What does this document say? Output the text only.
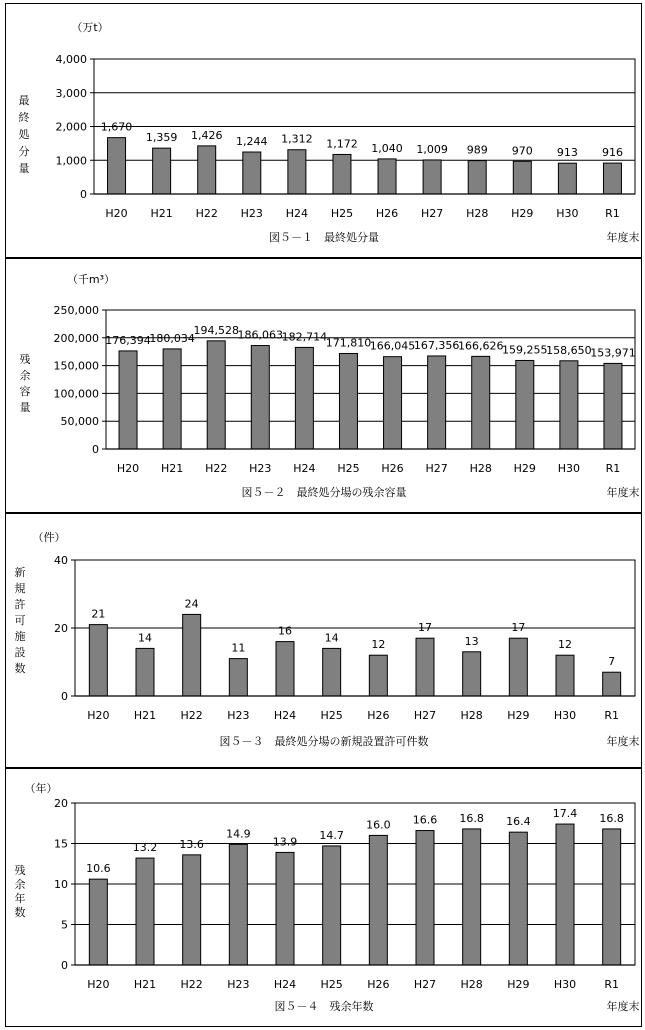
0
1,000
2,000
3,000
4,000
1,670
H20
1,359
H21
1,426
H22
1,244
H23
1,312
H24
1,172
H25
1,040
H26
1,009
H27
989
H28
970
H29
913
H30
916
R1
（万t）
最終処分量
図５－１　最終処分量	年度末
0
50,000
100,000
150,000
200,000
250,000
176,394
H20
180,034
H21
194,528
H22
186,063
H23
182,714
H24
171,810
H25
166,045
H26
167,356
H27
166,626
H28
159,255
H29
158,650
H30
153,971
R1
（千m³）
残余容量
図５－２　最終処分場の残余容量	年度末
0
20
40
21
H20
14
H21
24
H22
11
H23
16
H24
14
H25
12
H26
17
H27
13
H28
17
H29
12
H30
7
R1
（件）
新規許可施設数
図５－３　最終処分場の新規設置許可件数	年度末
0
5
10
15
20
10.6
H20
13.2
H21
13.6
H22
14.9
H23
13.9
H24
14.7
H25
16.0
H26
16.6
H27
16.8
H28
16.4
H29
17.4
H30
16.8
R1
（年）
残余年数
図５－４　残余年数	年度末
